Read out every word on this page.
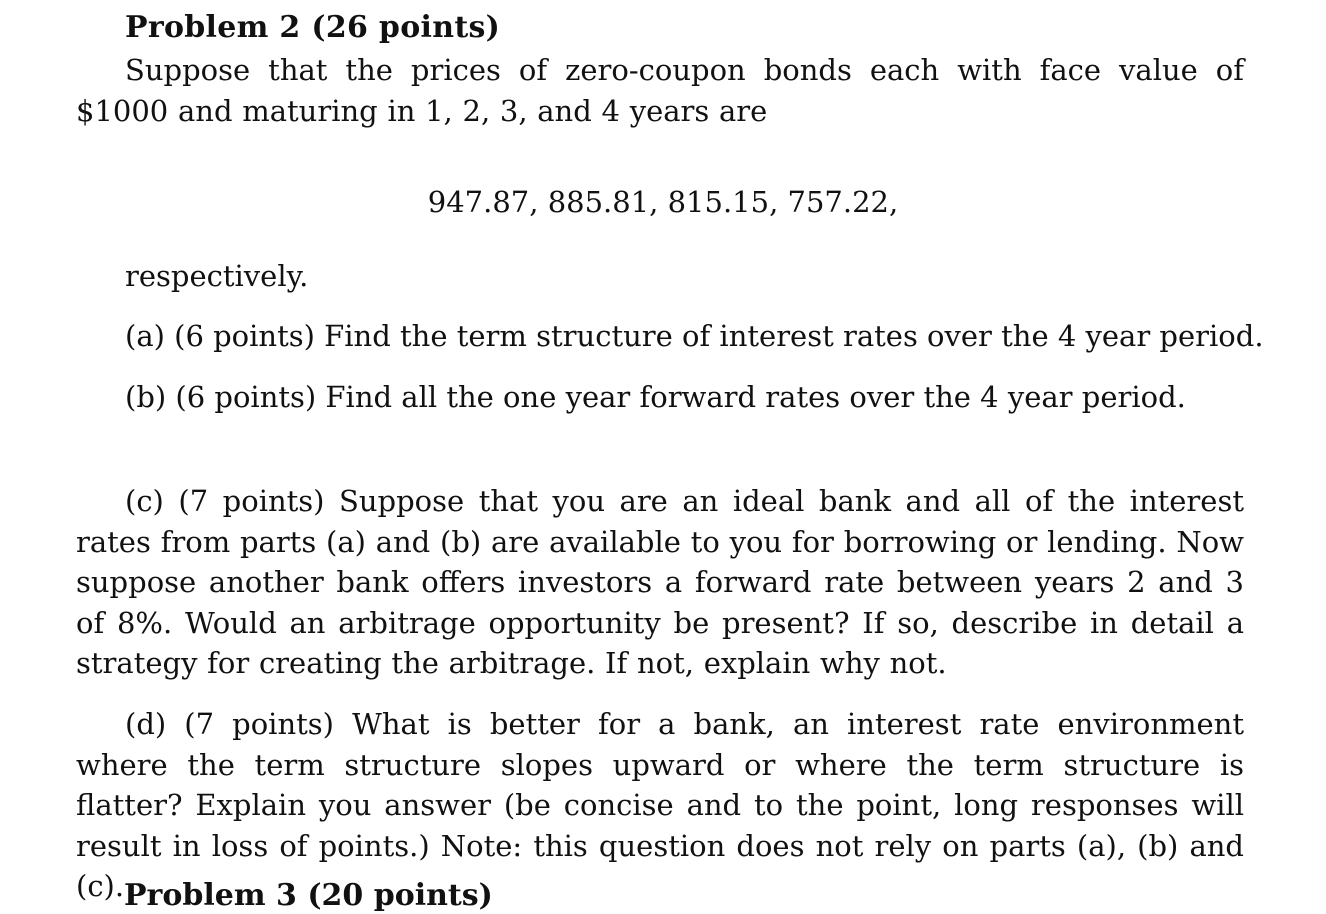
Problem 2 (26 points)
Suppose that the prices of zero-coupon bonds each with face value of $1000 and maturing in 1, 2, 3, and 4 years are
947.87, 885.81, 815.15, 757.22,
respectively.
(a) (6 points) Find the term structure of interest rates over the 4 year period.
(b) (6 points) Find all the one year forward rates over the 4 year period.
(c) (7 points) Suppose that you are an ideal bank and all of the interest rates from parts (a) and (b) are available to you for borrowing or lending. Now suppose another bank offers investors a forward rate between years 2 and 3 of 8%. Would an arbitrage opportunity be present? If so, describe in detail a strategy for creating the arbitrage. If not, explain why not.
(d) (7 points) What is better for a bank, an interest rate environment where the term structure slopes upward or where the term structure is flatter? Explain you answer (be concise and to the point, long responses will result in loss of points.) Note: this question does not rely on parts (a), (b) and (c). Problem 3 (20 points)
